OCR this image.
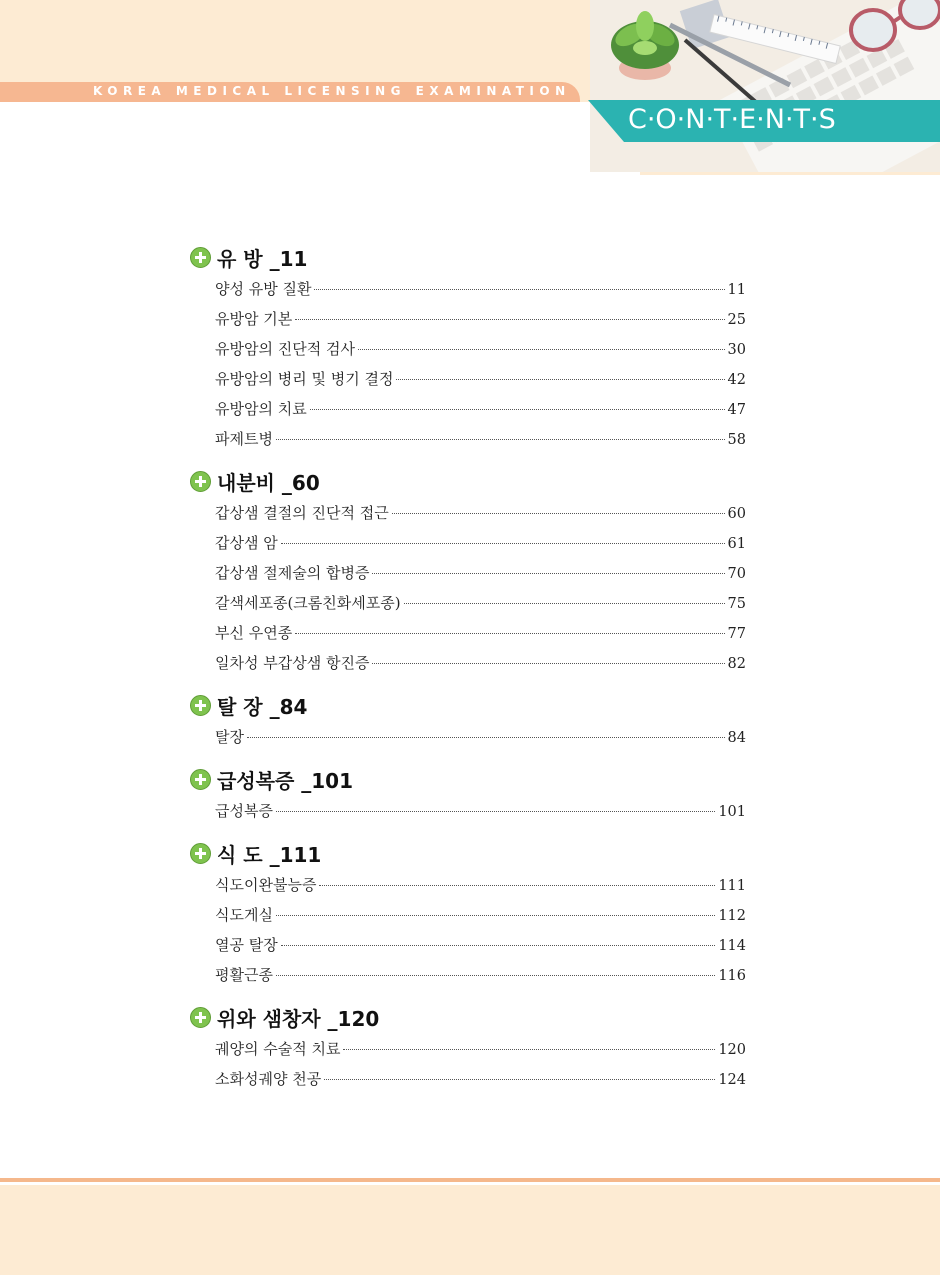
KOREA MEDICAL LICENSING EXAMINATION
C·O·N·T·E·N·T·S
유 방 _11
양성 유방 질환	11
유방암 기본	25
유방암의 진단적 검사	30
유방암의 병리 및 병기 결정	42
유방암의 치료	47
파제트병	58
내분비 _60
갑상샘 결절의 진단적 접근	60
갑상샘 암	61
갑상샘 절제술의 합병증	70
갈색세포종(크롬친화세포종)	75
부신 우연종	77
일차성 부갑상샘 항진증	82
탈 장 _84
탈장	84
급성복증 _101
급성복증	101
식 도 _111
식도이완불능증	111
식도게실	112
열공 탈장	114
평활근종	116
위와 샘창자 _120
궤양의 수술적 치료	120
소화성궤양 천공	124
